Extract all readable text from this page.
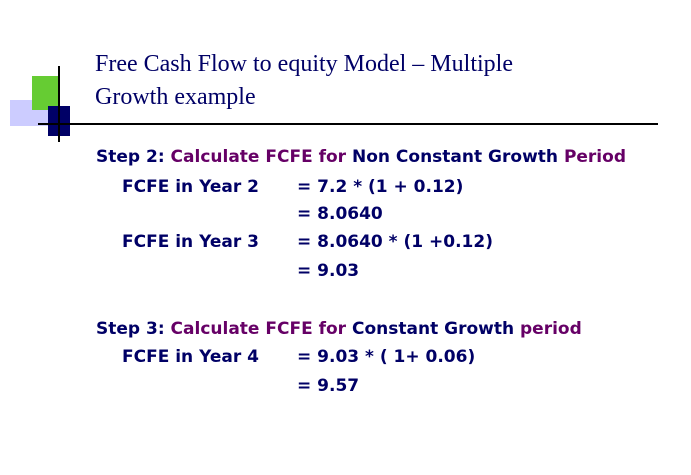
Free Cash Flow to equity Model – Multiple
Growth example
Step 2: Calculate FCFE for Non Constant Growth Period
FCFE in Year 2 = 7.2 * (1 + 0.12)
= 8.0640
FCFE in Year 3 = 8.0640 * (1 +0.12)
= 9.03
Step 3: Calculate FCFE for Constant Growth period
FCFE in Year 4 = 9.03 * ( 1+ 0.06)
= 9.57
